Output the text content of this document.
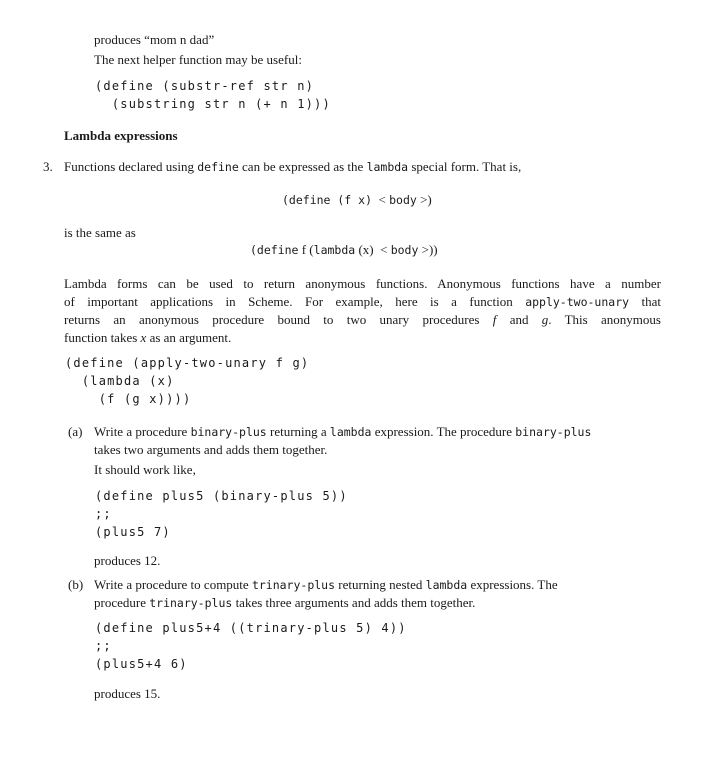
produces “mom n dad”
The next helper function may be useful:
(define (substr-ref str n)
(substring str n (+ n 1)))
Lambda expressions
3. Functions declared using define can be expressed as the lambda special form. That is,
(define (f x)  < body >)
is the same as
(define f (lambda (x)  < body >))
Lambda forms can be used to return anonymous functions. Anonymous functions have a number
of important applications in Scheme. For example, here is a function apply-two-unary that
returns an anonymous procedure bound to two unary procedures f and g. This anonymous
function takes x as an argument.
(define (apply-two-unary f g)
(lambda (x)
(f (g x))))
(a) Write a procedure binary-plus returning a lambda expression. The procedure binary-plus
takes two arguments and adds them together.
It should work like,
(define plus5 (binary-plus 5))
;;
(plus5 7)
produces 12.
(b) Write a procedure to compute trinary-plus returning nested lambda expressions. The
procedure trinary-plus takes three arguments and adds them together.
(define plus5+4 ((trinary-plus 5) 4))
;;
(plus5+4 6)
produces 15.
